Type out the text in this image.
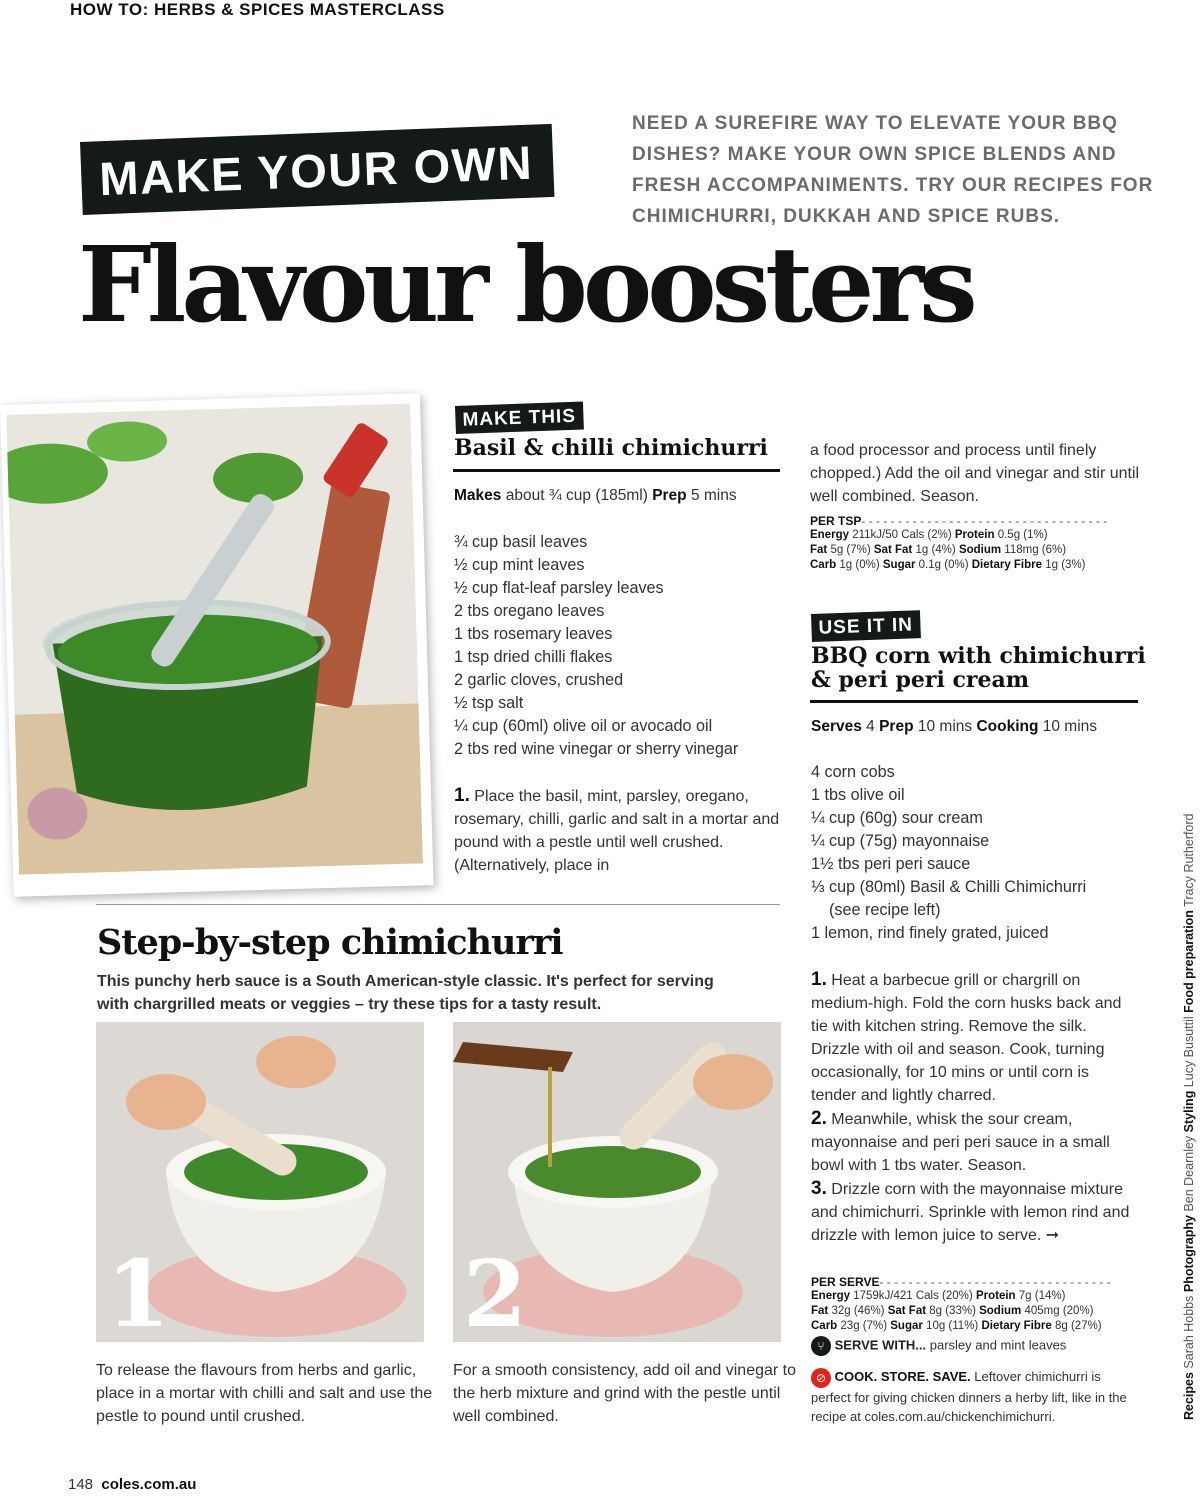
HOW TO: HERBS & SPICES MASTERCLASS
NEED A SUREFIRE WAY TO ELEVATE YOUR BBQ DISHES? MAKE YOUR OWN SPICE BLENDS AND FRESH ACCOMPANIMENTS. TRY OUR RECIPES FOR CHIMICHURRI, DUKKAH AND SPICE RUBS.
MAKE YOUR OWN
Flavour boosters
MAKE THIS
Basil & chilli chimichurri
Makes about ¾ cup (185ml) Prep 5 mins
¾ cup basil leaves
½ cup mint leaves
½ cup flat-leaf parsley leaves
2 tbs oregano leaves
1 tbs rosemary leaves
1 tsp dried chilli flakes
2 garlic cloves, crushed
½ tsp salt
¼ cup (60ml) olive oil or avocado oil
2 tbs red wine vinegar or sherry vinegar
1. Place the basil, mint, parsley, oregano, rosemary, chilli, garlic and salt in a mortar and pound with a pestle until well crushed. (Alternatively, place in
a food processor and process until finely chopped.) Add the oil and vinegar and stir until well combined. Season.
PER TSP- - - - - - - - - - - - - - - - - - - - - - - - - - - - - - - - - -
Energy 211kJ/50 Cals (2%) Protein 0.5g (1%)
Fat 5g (7%) Sat Fat 1g (4%) Sodium 118mg (6%)
Carb 1g (0%) Sugar 0.1g (0%) Dietary Fibre 1g (3%)
USE IT IN
BBQ corn with chimichurri
& peri peri cream
Serves 4 Prep 10 mins Cooking 10 mins
4 corn cobs
1 tbs olive oil
¼ cup (60g) sour cream
¼ cup (75g) mayonnaise
1½ tbs peri peri sauce
⅓ cup (80ml) Basil & Chilli Chimichurri
(see recipe left)
1 lemon, rind finely grated, juiced
1. Heat a barbecue grill or chargrill on medium-high. Fold the corn husks back and tie with kitchen string. Remove the silk. Drizzle with oil and season. Cook, turning occasionally, for 10 mins or until corn is tender and lightly charred.
2. Meanwhile, whisk the sour cream, mayonnaise and peri peri sauce in a small bowl with 1 tbs water. Season.
3. Drizzle corn with the mayonnaise mixture and chimichurri. Sprinkle with lemon rind and drizzle with lemon juice to serve. ➞
PER SERVE- - - - - - - - - - - - - - - - - - - - - - - - - - - - - - - -
Energy 1759kJ/421 Cals (20%) Protein 7g (14%)
Fat 32g (46%) Sat Fat 8g (33%) Sodium 405mg (20%)
Carb 23g (7%) Sugar 10g (11%) Dietary Fibre 8g (27%)
⑂ SERVE WITH... parsley and mint leaves
⊘ COOK. STORE. SAVE. Leftover chimichurri is perfect for giving chicken dinners a herby lift, like in the recipe at coles.com.au/chickenchimichurri.
Step-by-step chimichurri
This punchy herb sauce is a South American-style classic. It's perfect for serving with chargrilled meats or veggies – try these tips for a tasty result.
1	2
To release the flavours from herbs and garlic, place in a mortar with chilli and salt and use the pestle to pound until crushed.
For a smooth consistency, add oil and vinegar to the herb mixture and grind with the pestle until well combined.	Recipes Sarah Hobbs Photography Ben Dearnley Styling Lucy Busuttil Food preparation Tracy Rutherford
148 coles.com.au
